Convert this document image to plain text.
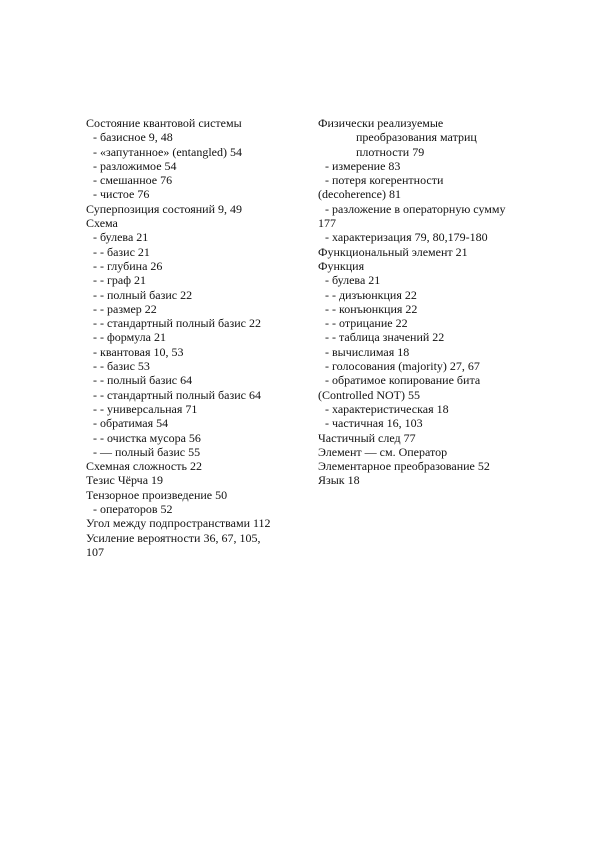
Состояние квантовой системы
- базисное 9, 48
- «запутанное» (entangled) 54
- разложимое 54
- смешанное 76
- чистое 76
Суперпозиция состояний 9, 49
Схема
- булева 21
- - базис 21
- - глубина 26
- - граф 21
- - полный базис 22
- - размер 22
- - стандартный полный базис 22
- - формула 21
- квантовая 10, 53
- - базис 53
- - полный базис 64
- - стандартный полный базис 64
- - универсальная 71
- обратимая 54
- - очистка мусора 56
- — полный базис 55
Схемная сложность 22
Тезис Чёрча 19
Тензорное произведение 50
- операторов 52
Угол между подпространствами 112
Усиление вероятности 36, 67, 105,
107
Физически реализуемые
преобразования матриц
плотности 79
- измерение 83
- потеря когерентности
(decoherence) 81
- разложение в операторную сумму
177
- характеризация 79, 80,179-180
Функциональный элемент 21
Функция
- булева 21
- - дизъюнкция 22
- - конъюнкция 22
- - отрицание 22
- - таблица значений 22
- вычислимая 18
- голосования (majority) 27, 67
- обратимое копирование бита
(Controlled NOT) 55
- характеристическая 18
- частичная 16, 103
Частичный след 77
Элемент — см. Оператор
Элементарное преобразование 52
Язык 18
